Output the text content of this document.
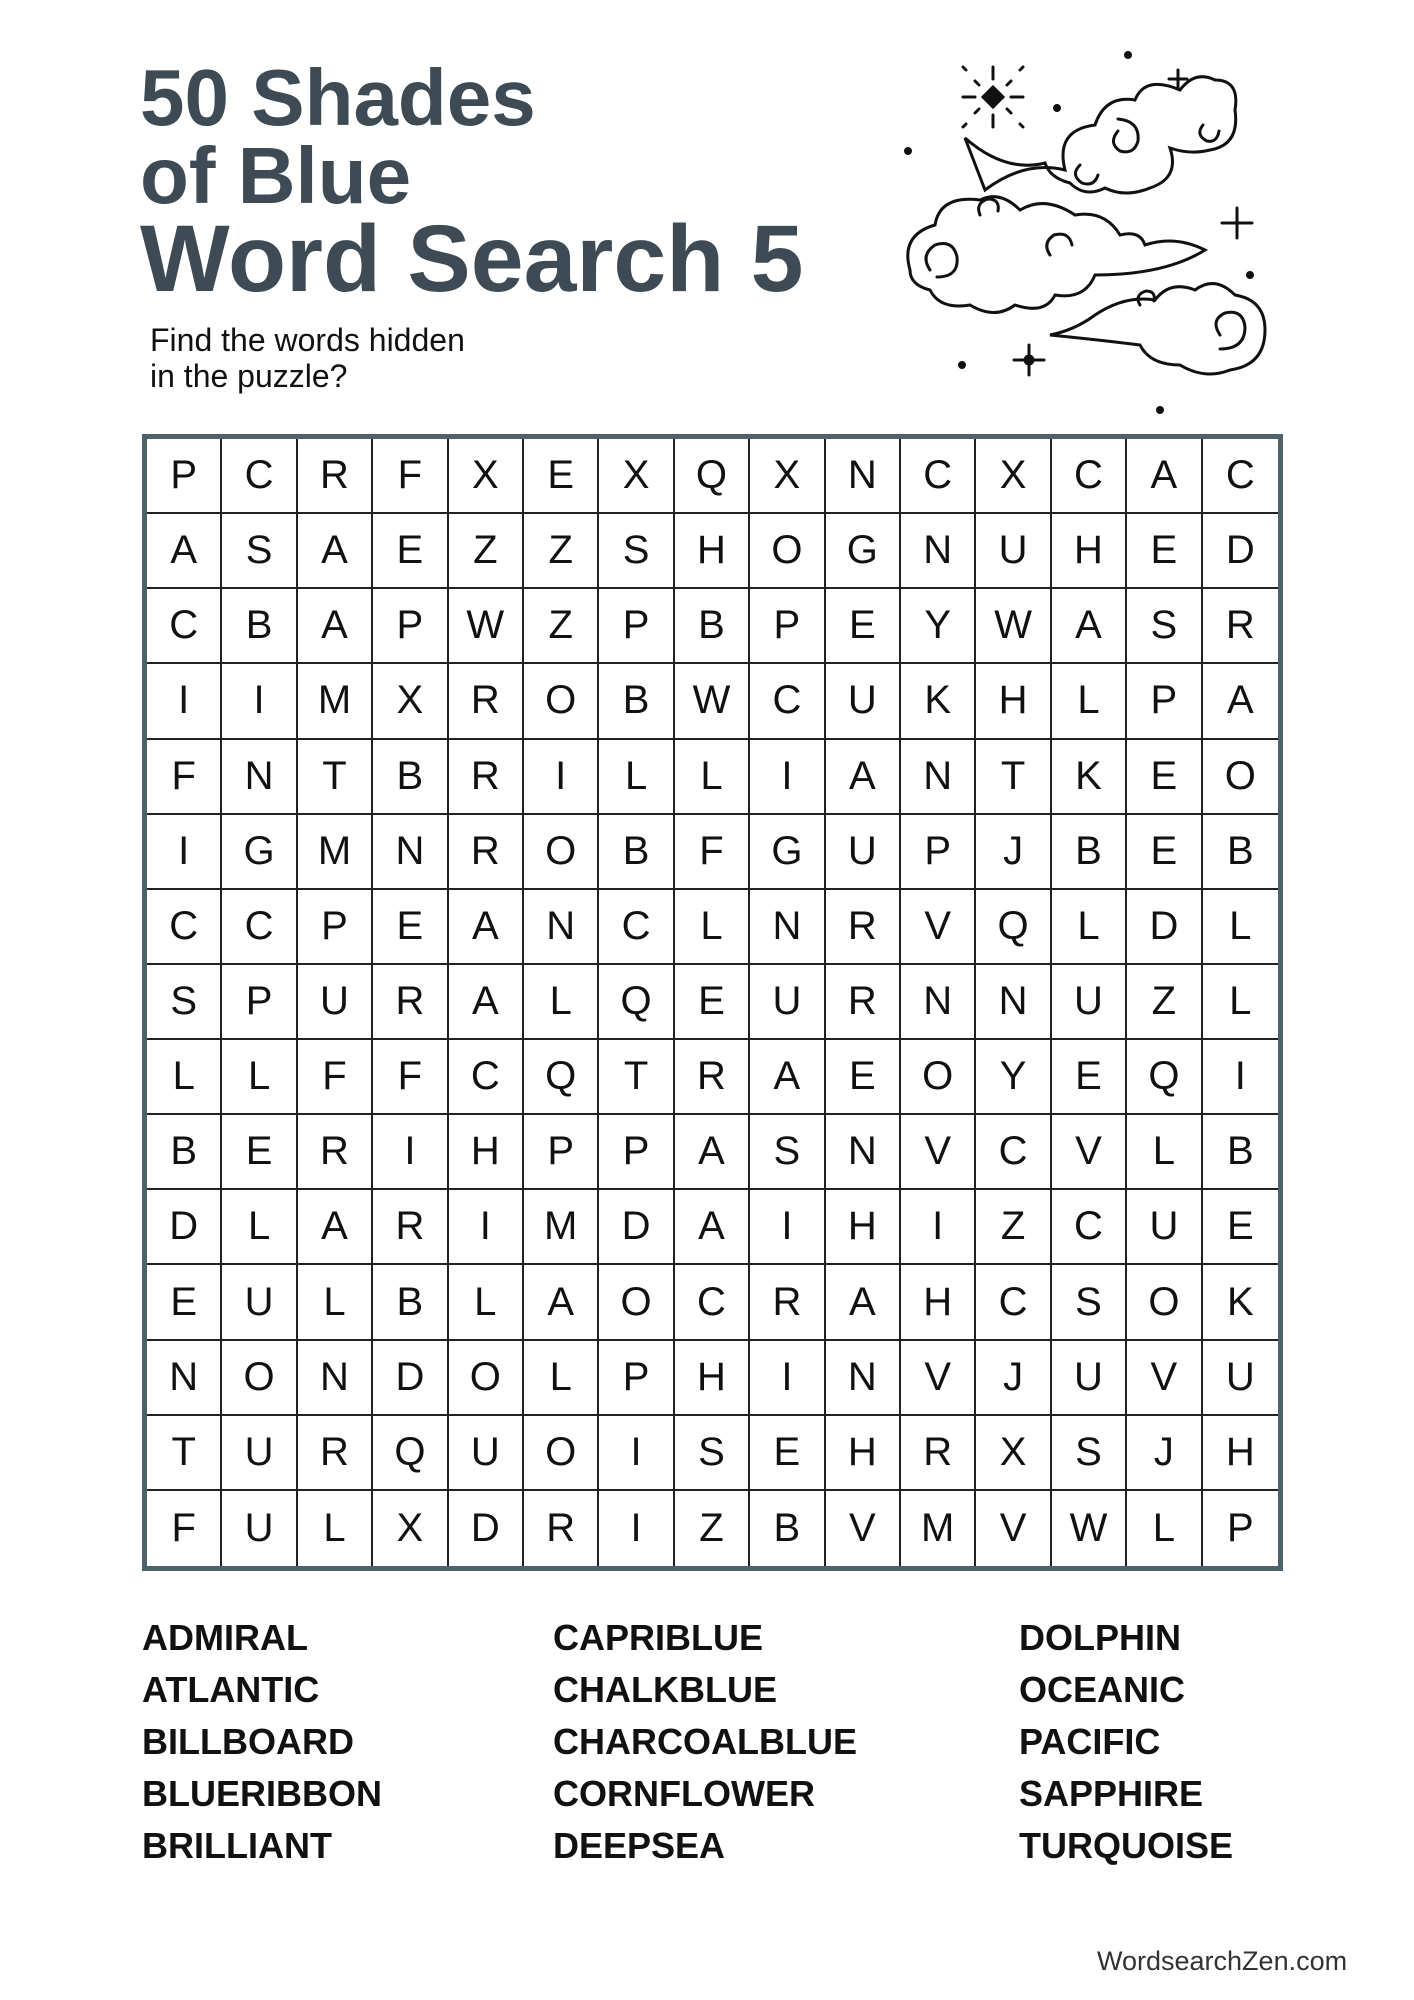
50 Shades
of Blue
Word Search 5
Find the words hidden
in the puzzle?
P	C	R	F	X	E	X	Q	X	N	C	X	C	A	C
A	S	A	E	Z	Z	S	H	O	G	N	U	H	E	D
C	B	A	P	W	Z	P	B	P	E	Y	W	A	S	R
I	I	M	X	R	O	B	W	C	U	K	H	L	P	A
F	N	T	B	R	I	L	L	I	A	N	T	K	E	O
I	G	M	N	R	O	B	F	G	U	P	J	B	E	B
C	C	P	E	A	N	C	L	N	R	V	Q	L	D	L
S	P	U	R	A	L	Q	E	U	R	N	N	U	Z	L
L	L	F	F	C	Q	T	R	A	E	O	Y	E	Q	I
B	E	R	I	H	P	P	A	S	N	V	C	V	L	B
D	L	A	R	I	M	D	A	I	H	I	Z	C	U	E
E	U	L	B	L	A	O	C	R	A	H	C	S	O	K
N	O	N	D	O	L	P	H	I	N	V	J	U	V	U
T	U	R	Q	U	O	I	S	E	H	R	X	S	J	H
F	U	L	X	D	R	I	Z	B	V	M	V	W	L	P
ADMIRAL
ATLANTIC
BILLBOARD
BLUERIBBON
BRILLIANT
CAPRIBLUE
CHALKBLUE
CHARCOALBLUE
CORNFLOWER
DEEPSEA
DOLPHIN
OCEANIC
PACIFIC
SAPPHIRE
TURQUOISE
WordsearchZen.com
